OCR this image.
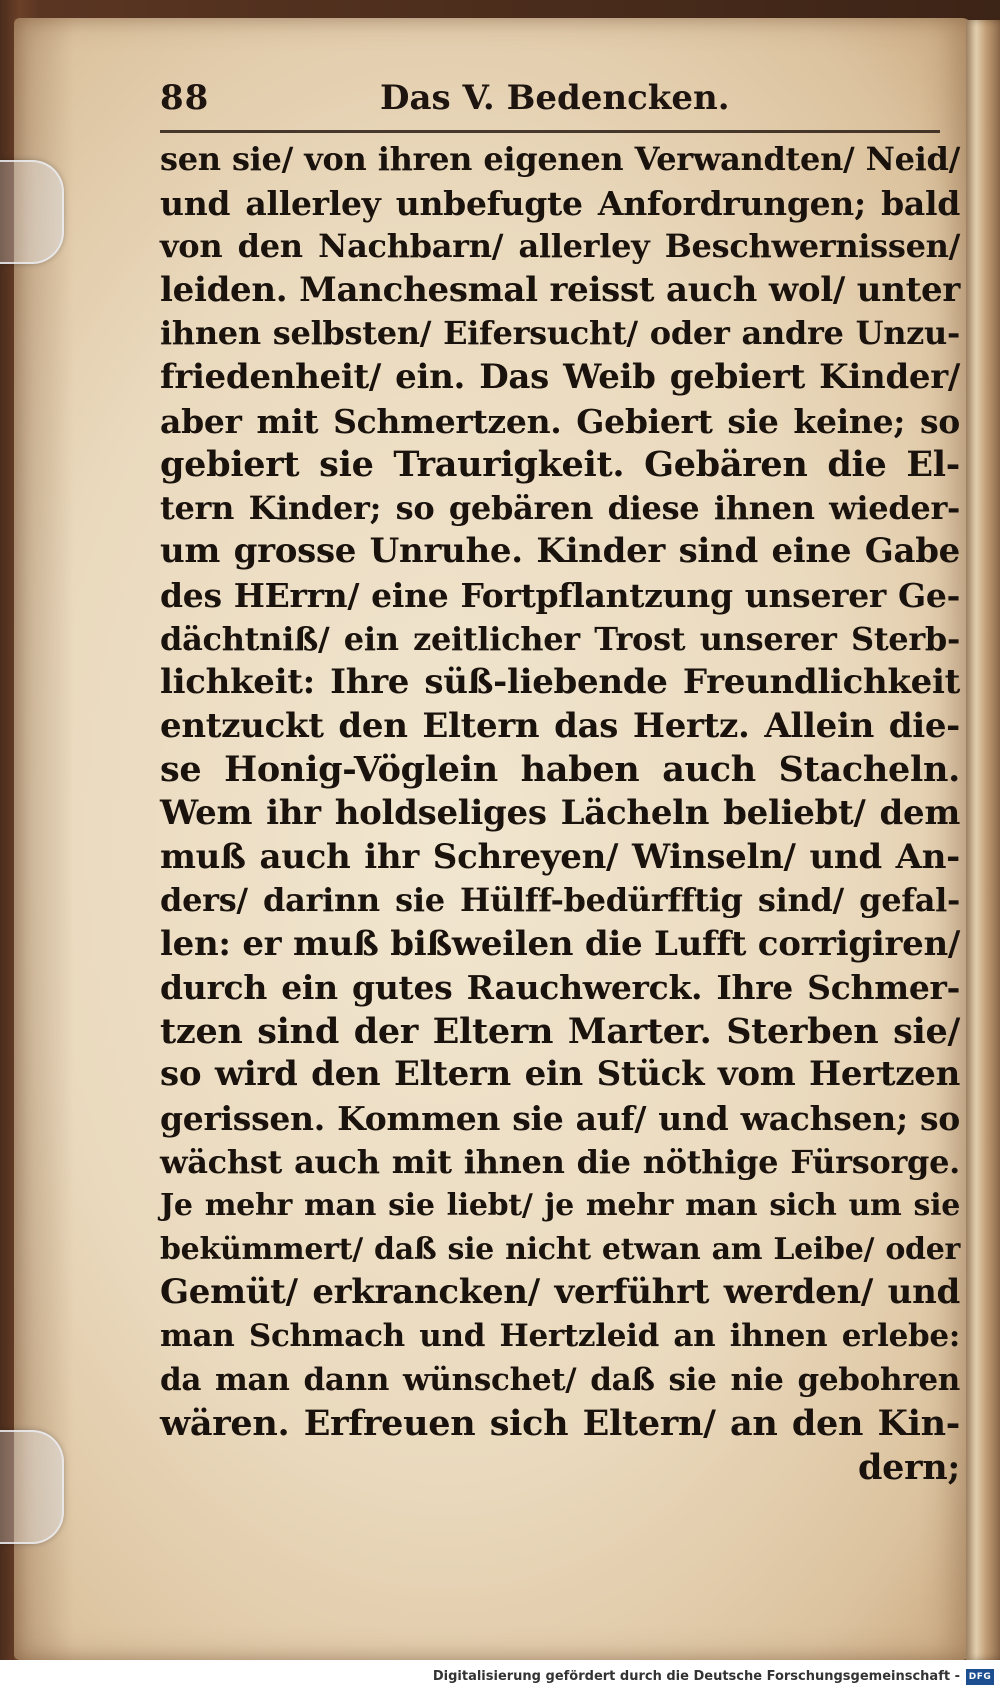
88	Das V. Bedencken.
sen sie/ von ihren eigenen Verwandten/ Neid/
und allerley unbefugte Anfordrungen; bald
von den Nachbarn/ allerley Beschwernissen/
leiden. Manchesmal reisst auch wol/ unter
ihnen selbsten/ Eifersucht/ oder andre Unzu-
friedenheit/ ein. Das Weib gebiert Kinder/
aber mit Schmertzen. Gebiert sie keine; so
gebiert sie Traurigkeit. Gebären die El-
tern Kinder; so gebären diese ihnen wieder-
um grosse Unruhe. Kinder sind eine Gabe
des HErrn/ eine Fortpflantzung unserer Ge-
dächtniß/ ein zeitlicher Trost unserer Sterb-
lichkeit: Ihre süß-liebende Freundlichkeit
entzuckt den Eltern das Hertz. Allein die-
se Honig-Vöglein haben auch Stacheln.
Wem ihr holdseliges Lächeln beliebt/ dem
muß auch ihr Schreyen/ Winseln/ und An-
ders/ darinn sie Hülff-bedürfftig sind/ gefal-
len: er muß bißweilen die Lufft corrigiren/
durch ein gutes Rauchwerck. Ihre Schmer-
tzen sind der Eltern Marter. Sterben sie/
so wird den Eltern ein Stück vom Hertzen
gerissen. Kommen sie auf/ und wachsen; so
wächst auch mit ihnen die nöthige Fürsorge.
Je mehr man sie liebt/ je mehr man sich um sie
bekümmert/ daß sie nicht etwan am Leibe/ oder
Gemüt/ erkrancken/ verführt werden/ und
man Schmach und Hertzleid an ihnen erlebe:
da man dann wünschet/ daß sie nie gebohren
wären. Erfreuen sich Eltern/ an den Kin-
dern;
Digitalisierung gefördert durch die Deutsche Forschungsgemeinschaft - DFG
